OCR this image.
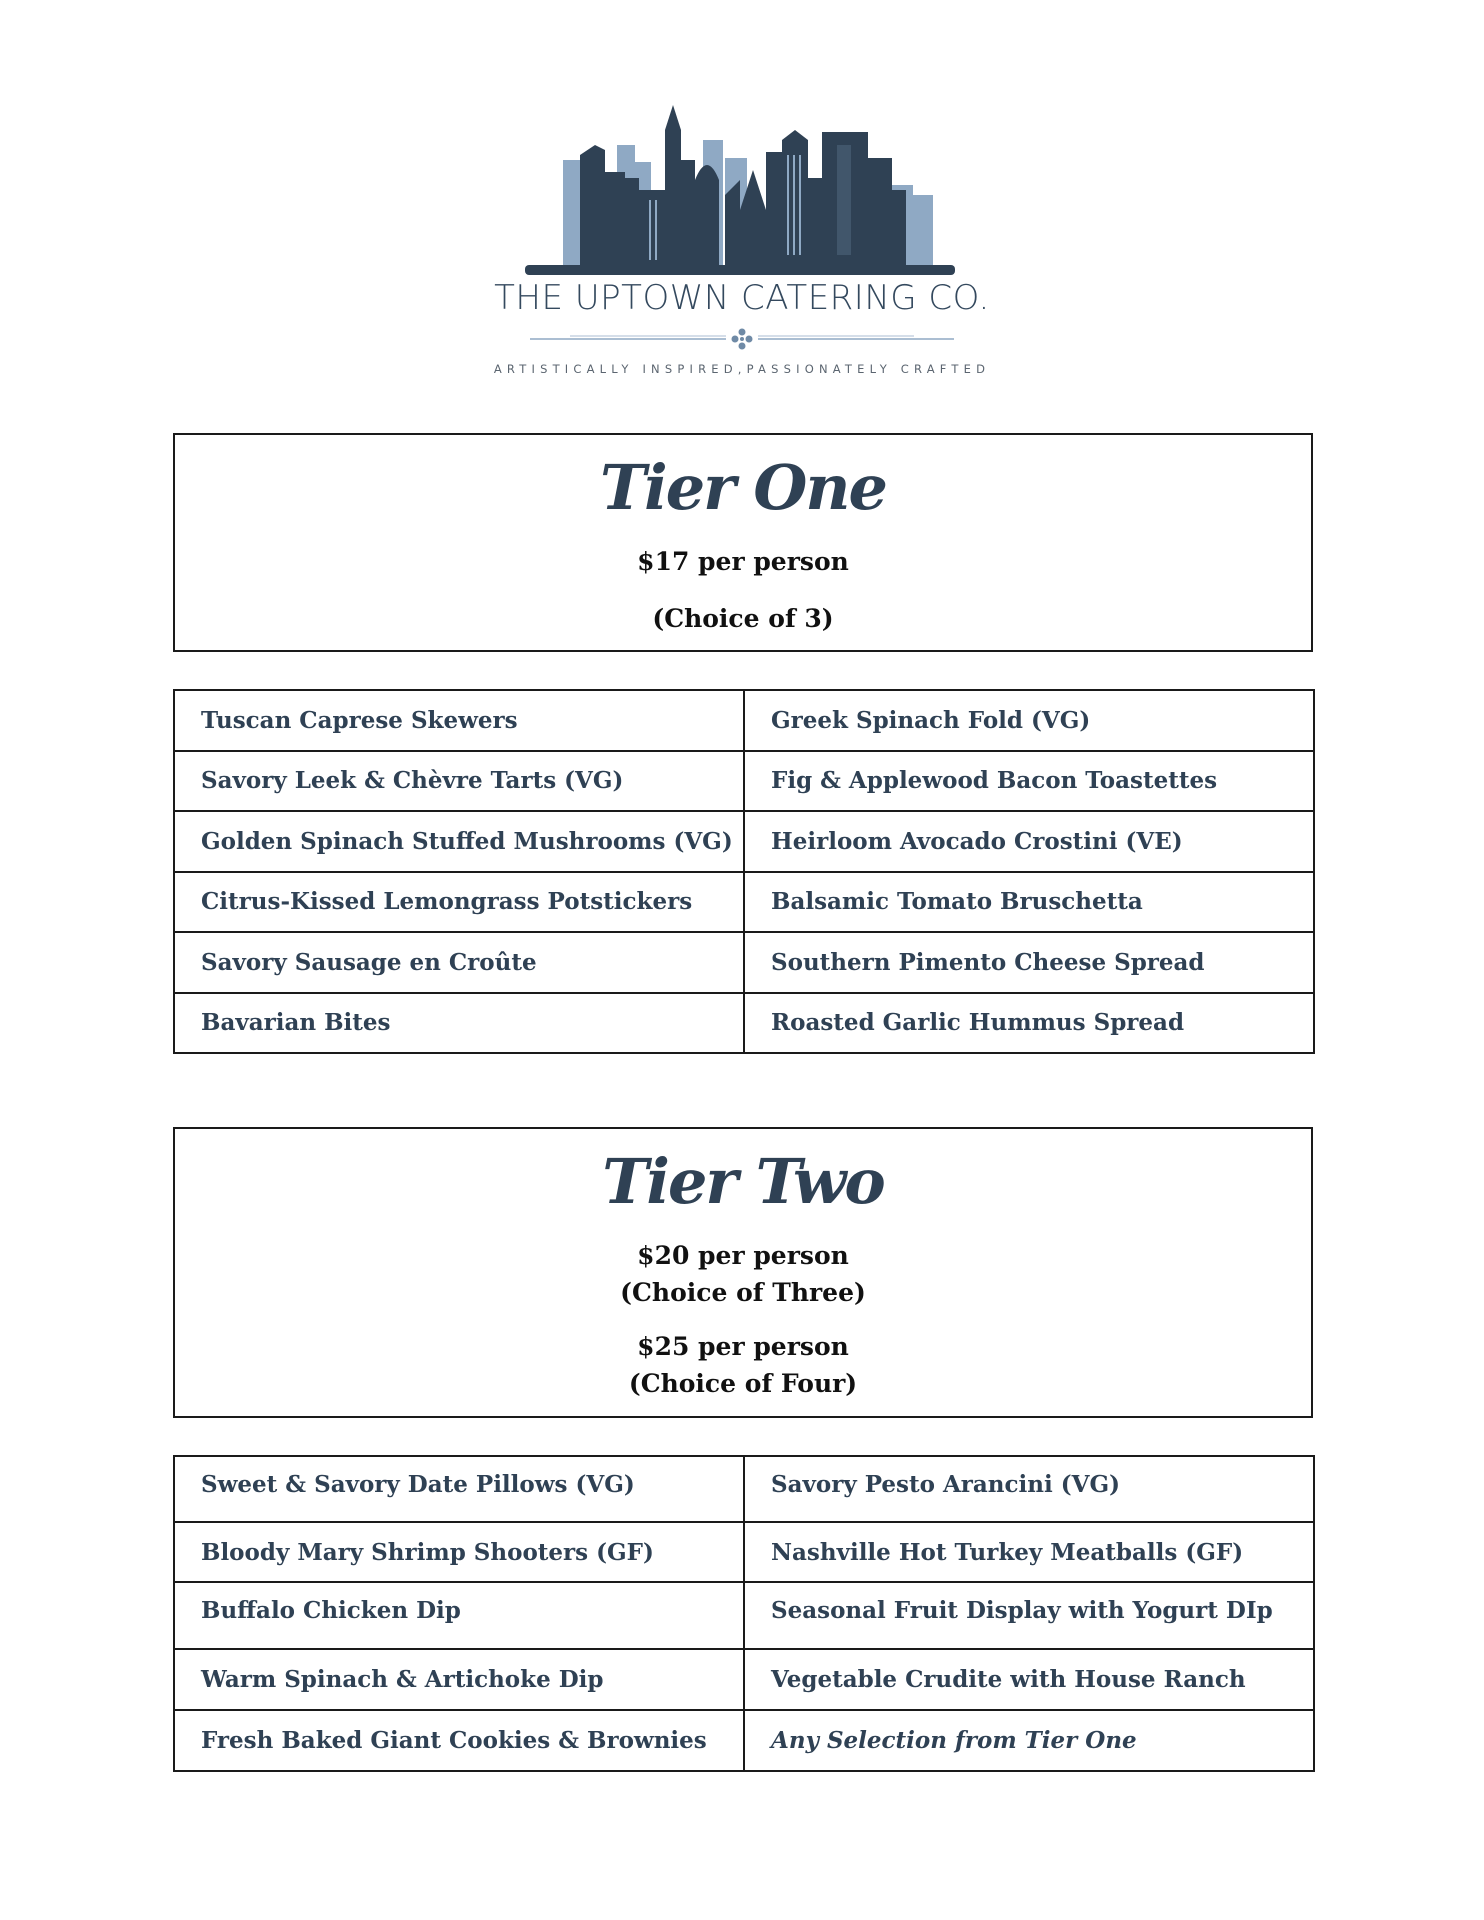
THE UPTOWN CATERING CO.
ARTISTICALLY INSPIRED,PASSIONATELY CRAFTED
Tier One
$17 per person
(Choice of 3)
Tuscan Caprese Skewers	Greek Spinach Fold (VG)
Savory Leek & Chèvre Tarts (VG)	Fig & Applewood Bacon Toastettes
Golden Spinach Stuffed Mushrooms (VG)	Heirloom Avocado Crostini (VE)
Citrus-Kissed Lemongrass Potstickers	Balsamic Tomato Bruschetta
Savory Sausage en Croûte	Southern Pimento Cheese Spread
Bavarian Bites	Roasted Garlic Hummus Spread
Tier Two
$20 per person
(Choice of Three)
$25 per person
(Choice of Four)
Sweet & Savory Date Pillows (VG)	Savory Pesto Arancini (VG)
Bloody Mary Shrimp Shooters (GF)	Nashville Hot Turkey Meatballs (GF)
Buffalo Chicken Dip	Seasonal Fruit Display with Yogurt DIp
Warm Spinach & Artichoke Dip	Vegetable Crudite with House Ranch
Fresh Baked Giant Cookies & Brownies	Any Selection from Tier One
